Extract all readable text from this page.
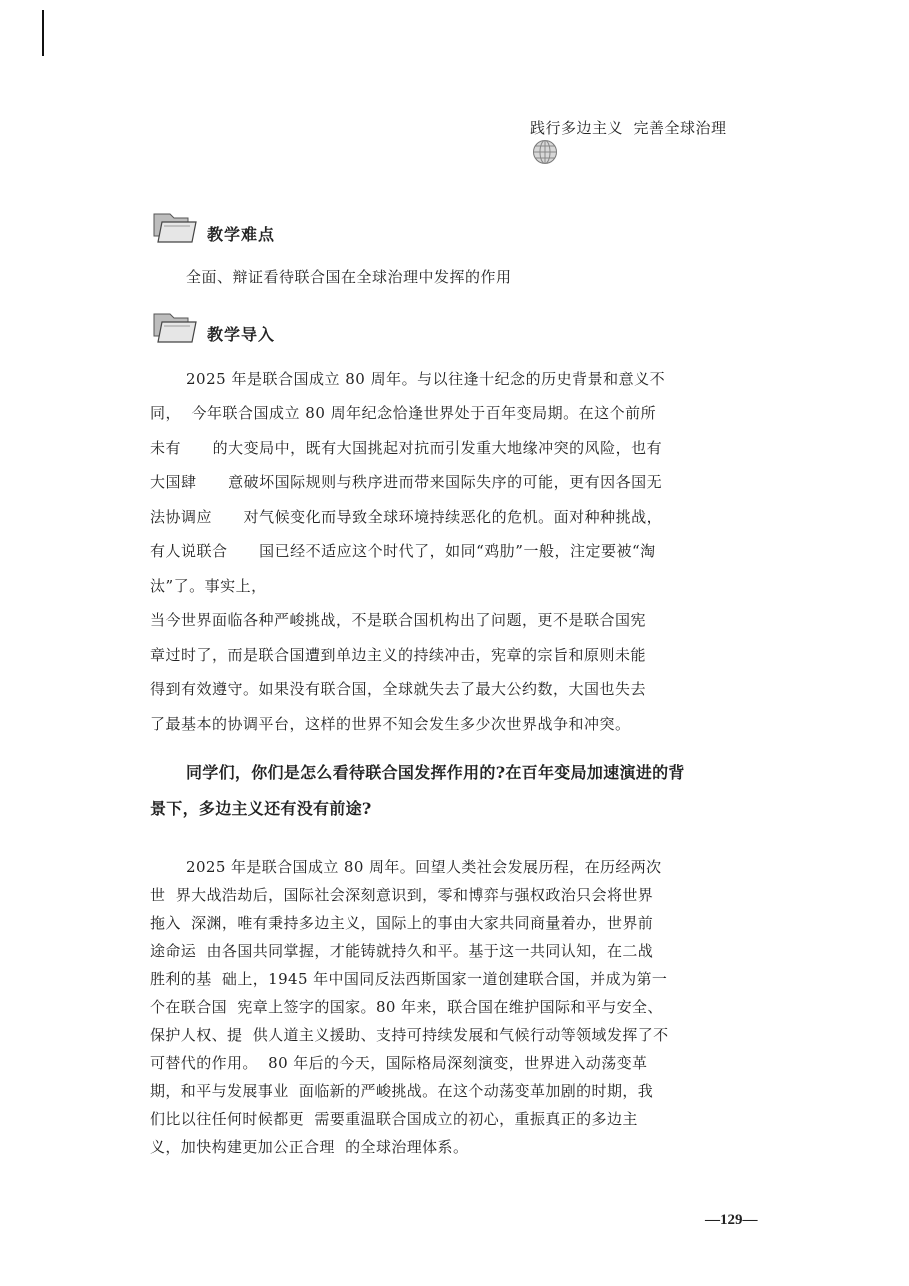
践行多边主义  完善全球治理
教学难点
全面、辩证看待联合国在全球治理中发挥的作用
教学导入
2025 年是联合国成立 80 周年。与以往逢十纪念的历史背景和意义不
同，  今年联合国成立 80 周年纪念恰逢世界处于百年变局期。在这个前所
未有      的大变局中，既有大国挑起对抗而引发重大地缘冲突的风险，也有
大国肆      意破坏国际规则与秩序进而带来国际失序的可能，更有因各国无
法协调应      对气候变化而导致全球环境持续恶化的危机。面对种种挑战，
有人说联合      国已经不适应这个时代了，如同“鸡肋”一般，注定要被“淘
汰”了。事实上，
当今世界面临各种严峻挑战，不是联合国机构出了问题，更不是联合国宪
章过时了，而是联合国遭到单边主义的持续冲击，宪章的宗旨和原则未能
得到有效遵守。如果没有联合国，全球就失去了最大公约数，大国也失去
了最基本的协调平台，这样的世界不知会发生多少次世界战争和冲突。
同学们，你们是怎么看待联合国发挥作用的?在百年变局加速演进的背
景下，多边主义还有没有前途?
2025 年是联合国成立 80 周年。回望人类社会发展历程，在历经两次
世  界大战浩劫后，国际社会深刻意识到，零和博弈与强权政治只会将世界
拖入  深渊，唯有秉持多边主义，国际上的事由大家共同商量着办，世界前
途命运  由各国共同掌握，才能铸就持久和平。基于这一共同认知，在二战
胜利的基  础上，1945 年中国同反法西斯国家一道创建联合国，并成为第一
个在联合国  宪章上签字的国家。80 年来，联合国在维护国际和平与安全、
保护人权、提  供人道主义援助、支持可持续发展和气候行动等领域发挥了不
可替代的作用。  80 年后的今天，国际格局深刻演变，世界进入动荡变革
期，和平与发展事业  面临新的严峻挑战。在这个动荡变革加剧的时期，我
们比以往任何时候都更  需要重温联合国成立的初心，重振真正的多边主
义，加快构建更加公正合理  的全球治理体系。
—129—
